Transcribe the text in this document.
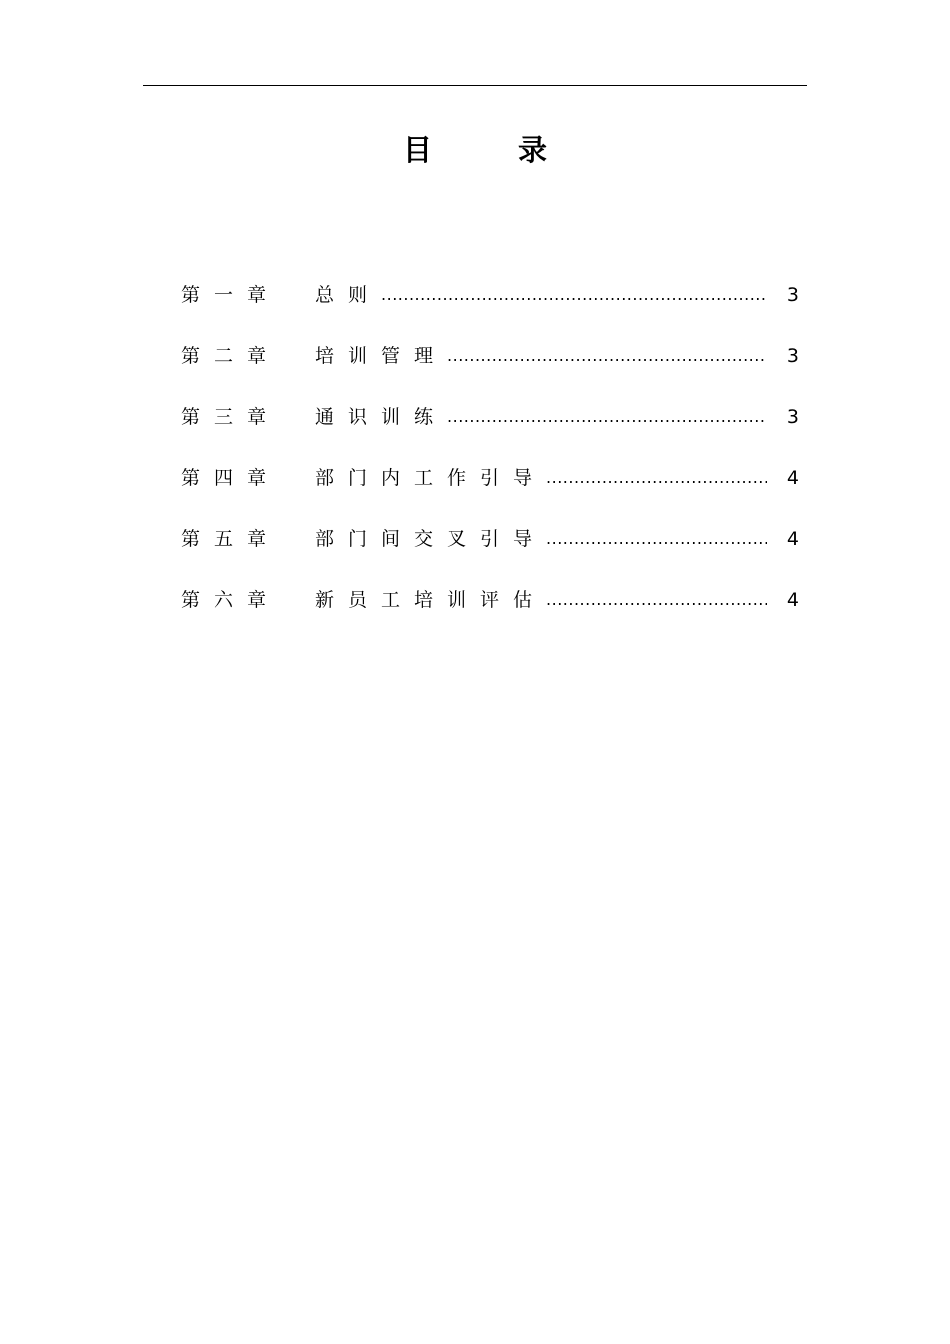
目	录
第一章	总则 .....	3
第二章	培训管理 .....	3
第三章	通识训练 .....	3
第四章	部门内工作引导 .....	4
第五章	部门间交叉引导 .....	4
第六章	新员工培训评估 .....	4
